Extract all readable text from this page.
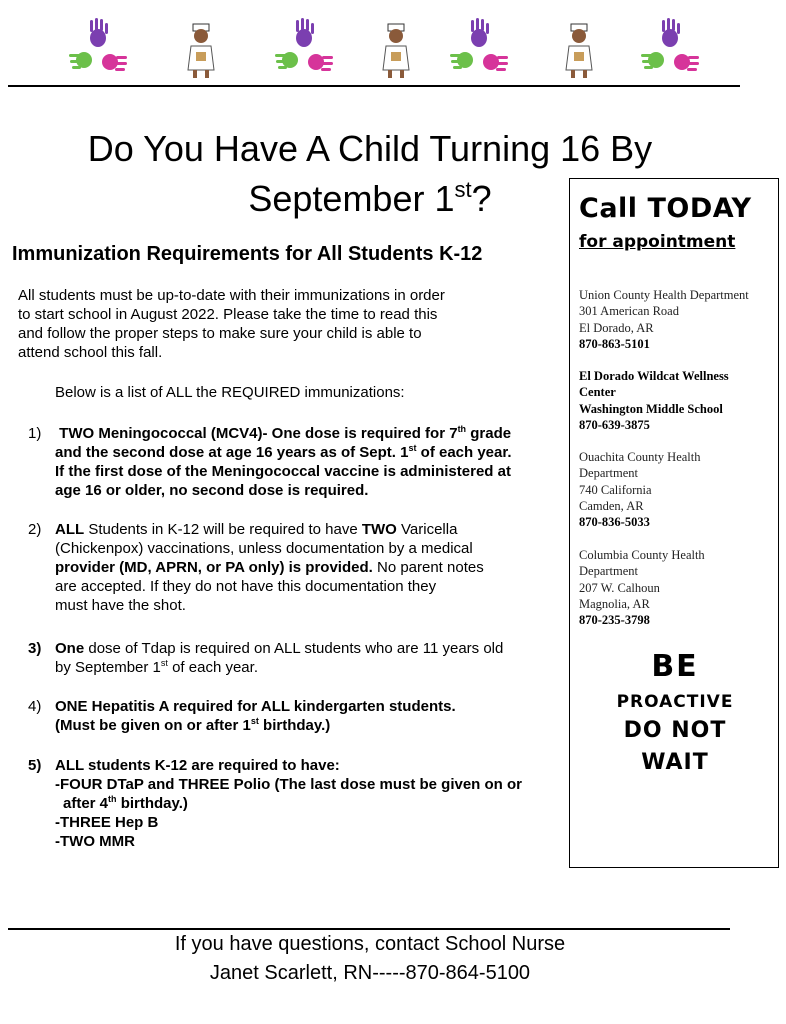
Do You Have A Child Turning 16 By
September 1st?
Immunization Requirements for All Students K-12
All students must be up-to-date with their immunizations in order
to start school in August 2022. Please take the time to read this
and follow the proper steps to make sure your child is able to
attend school this fall.
Below is a list of ALL the REQUIRED immunizations:
1)	TWO Meningococcal (MCV4)- One dose is required for 7th grade
and the second dose at age 16 years as of Sept. 1st of each year.
If the first dose of the Meningococcal vaccine is administered at
age 16 or older, no second dose is required.
2) ALL Students in K-12 will be required to have TWO Varicella
(Chickenpox) vaccinations, unless documentation by a medical
provider (MD, APRN, or PA only) is provided. No parent notes
are accepted. If they do not have this documentation they
must have the shot.
3) One dose of Tdap is required on ALL students who are 11 years old
by September 1st of each year.
4) ONE Hepatitis A required for ALL kindergarten students.
(Must be given on or after 1st birthday.)
5) ALL students K-12 are required to have:
-FOUR DTaP and THREE Polio (The last dose must be given on or
after 4th birthday.)
-THREE Hep B
-TWO MMR
Call TODAY
for appointment
Union County Health Department
301 American Road
El Dorado, AR
870-863-5101
El Dorado Wildcat Wellness
Center
Washington Middle School
870-639-3875
Ouachita County Health
Department
740 California
Camden, AR
870-836-5033
Columbia County Health
Department
207 W. Calhoun
Magnolia, AR
870-235-3798
BE
PROACTIVE
DO NOT
WAIT
If you have questions, contact School Nurse
Janet Scarlett, RN-----870-864-5100
